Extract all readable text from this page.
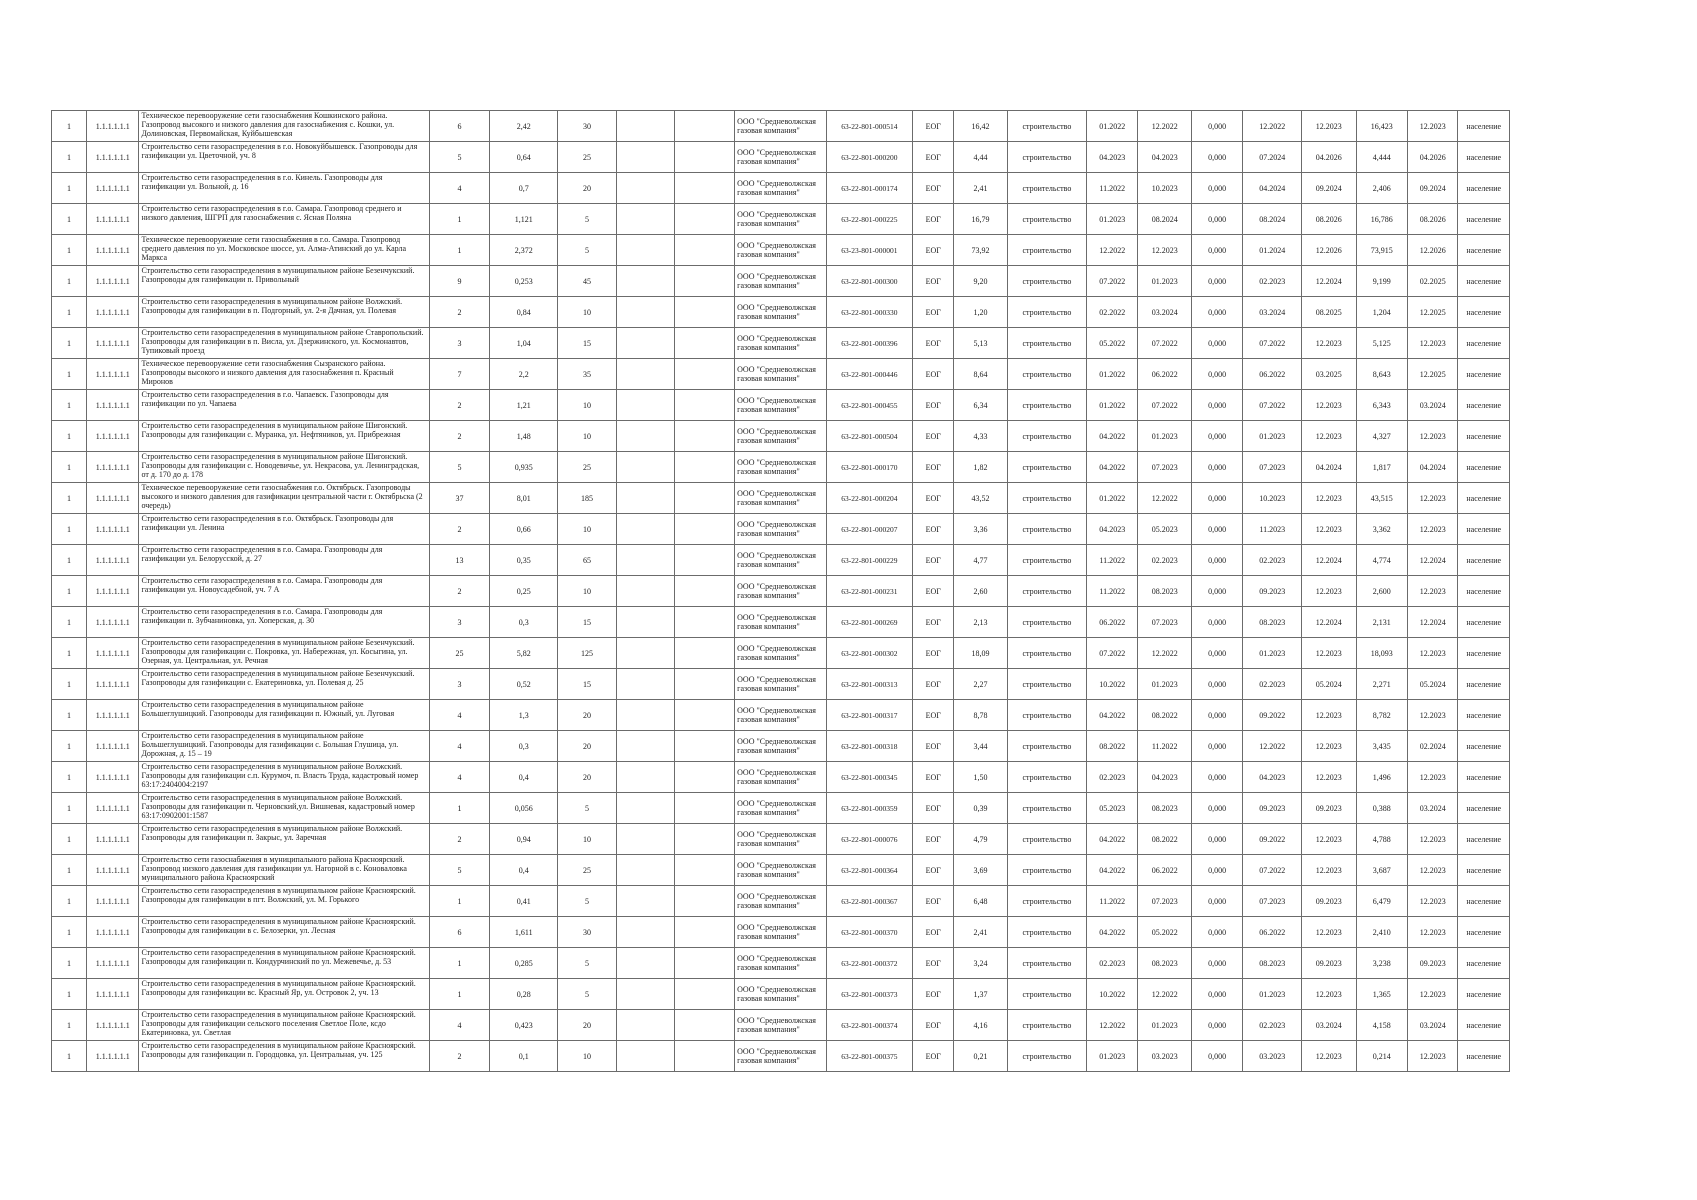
1	1.1.1.1.1.1	Техническое перевооружение сети газоснабжения Кошкинского района. Газопровод высокого и низкого давления для газоснабжения с. Кошки, ул. Долиновская, Первомайская, Куйбышевская	6	2,42	30			ООО "Средневолжская газовая компания"	63-22-801-000514	ЕОГ	16,42	строительство	01.2022	12.2022	0,000	12.2022	12.2023	16,423	12.2023	население
1	1.1.1.1.1.1	Строительство сети газораспределения в г.о. Новокуйбышевск. Газопроводы для газификации ул. Цветочной, уч. 8	5	0,64	25			ООО "Средневолжская газовая компания"	63-22-801-000200	ЕОГ	4,44	строительство	04.2023	04.2023	0,000	07.2024	04.2026	4,444	04.2026	население
1	1.1.1.1.1.1	Строительство сети газораспределения в г.о. Кинель. Газопроводы для газификации ул. Вольной, д. 16	4	0,7	20			ООО "Средневолжская газовая компания"	63-22-801-000174	ЕОГ	2,41	строительство	11.2022	10.2023	0,000	04.2024	09.2024	2,406	09.2024	население
1	1.1.1.1.1.1	Строительство сети газораспределения в г.о. Самара. Газопровод среднего и низкого давления, ШГРП для газоснабжения с. Ясная Поляна	1	1,121	5			ООО "Средневолжская газовая компания"	63-22-801-000225	ЕОГ	16,79	строительство	01.2023	08.2024	0,000	08.2024	08.2026	16,786	08.2026	население
1	1.1.1.1.1.1	Техническое перевооружение сети газоснабжения в г.о. Самара. Газопровод среднего давления по ул. Московское шоссе, ул. Алма-Атинский до ул. Карла Маркса	1	2,372	5			ООО "Средневолжская газовая компания"	63-23-801-000001	ЕОГ	73,92	строительство	12.2022	12.2023	0,000	01.2024	12.2026	73,915	12.2026	население
1	1.1.1.1.1.1	Строительство сети газораспределения в муниципальном районе Безенчукский. Газопроводы для газификации п. Привольный	9	0,253	45			ООО "Средневолжская газовая компания"	63-22-801-000300	ЕОГ	9,20	строительство	07.2022	01.2023	0,000	02.2023	12.2024	9,199	02.2025	население
1	1.1.1.1.1.1	Строительство сети газораспределения в муниципальном районе Волжский. Газопроводы для газификации в п. Подгорный, ул. 2-я Дачная, ул. Полевая	2	0,84	10			ООО "Средневолжская газовая компания"	63-22-801-000330	ЕОГ	1,20	строительство	02.2022	03.2024	0,000	03.2024	08.2025	1,204	12.2025	население
1	1.1.1.1.1.1	Строительство сети газораспределения в муниципальном районе Ставропольский. Газопроводы для газификации в п. Висла, ул. Дзержинского, ул. Космонавтов, Тупиковый проезд	3	1,04	15			ООО "Средневолжская газовая компания"	63-22-801-000396	ЕОГ	5,13	строительство	05.2022	07.2022	0,000	07.2022	12.2023	5,125	12.2023	население
1	1.1.1.1.1.1	Техническое перевооружение сети газоснабжения Сызранского района. Газопроводы высокого и низкого давления для газоснабжения п. Красный Миронов	7	2,2	35			ООО "Средневолжская газовая компания"	63-22-801-000446	ЕОГ	8,64	строительство	01.2022	06.2022	0,000	06.2022	03.2025	8,643	12.2025	население
1	1.1.1.1.1.1	Строительство сети газораспределения в г.о. Чапаевск. Газопроводы для газификации по ул. Чапаева	2	1,21	10			ООО "Средневолжская газовая компания"	63-22-801-000455	ЕОГ	6,34	строительство	01.2022	07.2022	0,000	07.2022	12.2023	6,343	03.2024	население
1	1.1.1.1.1.1	Строительство сети газораспределения в муниципальном районе Шигонский. Газопроводы для газификации с. Муранка, ул. Нефтяников, ул. Прибрежная	2	1,48	10			ООО "Средневолжская газовая компания"	63-22-801-000504	ЕОГ	4,33	строительство	04.2022	01.2023	0,000	01.2023	12.2023	4,327	12.2023	население
1	1.1.1.1.1.1	Строительство сети газораспределения в муниципальном районе Шигонский. Газопроводы для газификации с. Новодевичье, ул. Некрасова, ул. Ленинградская, от д. 170 до д. 178	5	0,935	25			ООО "Средневолжская газовая компания"	63-22-801-000170	ЕОГ	1,82	строительство	04.2022	07.2023	0,000	07.2023	04.2024	1,817	04.2024	население
1	1.1.1.1.1.1	Техническое перевооружение сети газоснабжения г.о. Октябрьск. Газопроводы высокого и низкого давления для газификации центральной части г. Октябрьска (2 очередь)	37	8,01	185			ООО "Средневолжская газовая компания"	63-22-801-000204	ЕОГ	43,52	строительство	01.2022	12.2022	0,000	10.2023	12.2023	43,515	12.2023	население
1	1.1.1.1.1.1	Строительство сети газораспределения в г.о. Октябрьск. Газопроводы для газификации ул. Ленина	2	0,66	10			ООО "Средневолжская газовая компания"	63-22-801-000207	ЕОГ	3,36	строительство	04.2023	05.2023	0,000	11.2023	12.2023	3,362	12.2023	население
1	1.1.1.1.1.1	Строительство сети газораспределения в г.о. Самара. Газопроводы для газификации ул. Белорусской, д. 27	13	0,35	65			ООО "Средневолжская газовая компания"	63-22-801-000229	ЕОГ	4,77	строительство	11.2022	02.2023	0,000	02.2023	12.2024	4,774	12.2024	население
1	1.1.1.1.1.1	Строительство сети газораспределения в г.о. Самара. Газопроводы для газификации ул. Новоусадебной, уч. 7 А	2	0,25	10			ООО "Средневолжская газовая компания"	63-22-801-000231	ЕОГ	2,60	строительство	11.2022	08.2023	0,000	09.2023	12.2023	2,600	12.2023	население
1	1.1.1.1.1.1	Строительство сети газораспределения в г.о. Самара. Газопроводы для газификации п. Зубчаниновка, ул. Хоперская, д. 30	3	0,3	15			ООО "Средневолжская газовая компания"	63-22-801-000269	ЕОГ	2,13	строительство	06.2022	07.2023	0,000	08.2023	12.2024	2,131	12.2024	население
1	1.1.1.1.1.1	Строительство сети газораспределения в муниципальном районе Безенчукский. Газопроводы для газификации с. Покровка, ул. Набережная, ул. Косыгина, ул. Озерная, ул. Центральная, ул. Речная	25	5,82	125			ООО "Средневолжская газовая компания"	63-22-801-000302	ЕОГ	18,09	строительство	07.2022	12.2022	0,000	01.2023	12.2023	18,093	12.2023	население
1	1.1.1.1.1.1	Строительство сети газораспределения в муниципальном районе Безенчукский. Газопроводы для газификации с. Екатериновка, ул. Полевая д. 25	3	0,52	15			ООО "Средневолжская газовая компания"	63-22-801-000313	ЕОГ	2,27	строительство	10.2022	01.2023	0,000	02.2023	05.2024	2,271	05.2024	население
1	1.1.1.1.1.1	Строительство сети газораспределения в муниципальном районе Большеглушицкий. Газопроводы для газификации п. Южный, ул. Луговая	4	1,3	20			ООО "Средневолжская газовая компания"	63-22-801-000317	ЕОГ	8,78	строительство	04.2022	08.2022	0,000	09.2022	12.2023	8,782	12.2023	население
1	1.1.1.1.1.1	Строительство сети газораспределения в муниципальном районе Большеглушицкий. Газопроводы для газификации с. Большая Глушица, ул. Дорожная, д. 15 – 19	4	0,3	20			ООО "Средневолжская газовая компания"	63-22-801-000318	ЕОГ	3,44	строительство	08.2022	11.2022	0,000	12.2022	12.2023	3,435	02.2024	население
1	1.1.1.1.1.1	Строительство сети газораспределения в муниципальном районе Волжский. Газопроводы для газификации с.п. Курумоч, п. Власть Труда, кадастровый номер 63:17:2404004:2197	4	0,4	20			ООО "Средневолжская газовая компания"	63-22-801-000345	ЕОГ	1,50	строительство	02.2023	04.2023	0,000	04.2023	12.2023	1,496	12.2023	население
1	1.1.1.1.1.1	Строительство сети газораспределения в муниципальном районе Волжский. Газопроводы для газификации п. Черновский,ул. Вишневая, кадастровый номер 63:17:0902001:1587	1	0,056	5			ООО "Средневолжская газовая компания"	63-22-801-000359	ЕОГ	0,39	строительство	05.2023	08.2023	0,000	09.2023	09.2023	0,388	03.2024	население
1	1.1.1.1.1.1	Строительство сети газораспределения в муниципальном районе Волжский. Газопроводы для газификации п. Закрыс, ул. Заречная	2	0,94	10			ООО "Средневолжская газовая компания"	63-22-801-000076	ЕОГ	4,79	строительство	04.2022	08.2022	0,000	09.2022	12.2023	4,788	12.2023	население
1	1.1.1.1.1.1	Строительство сети газоснабжения в муниципального района Красноярский. Газопровод низкого давления для газификации ул. Нагорной в с. Коноваловка муниципального района Красноярский	5	0,4	25			ООО "Средневолжская газовая компания"	63-22-801-000364	ЕОГ	3,69	строительство	04.2022	06.2022	0,000	07.2022	12.2023	3,687	12.2023	население
1	1.1.1.1.1.1	Строительство сети газораспределения в муниципальном районе Красноярский. Газопроводы для газификации в пгт. Волжский, ул. М. Горького	1	0,41	5			ООО "Средневолжская газовая компания"	63-22-801-000367	ЕОГ	6,48	строительство	11.2022	07.2023	0,000	07.2023	09.2023	6,479	12.2023	население
1	1.1.1.1.1.1	Строительство сети газораспределения в муниципальном районе Красноярский. Газопроводы для газификации в с. Белозерки, ул. Лесная	6	1,611	30			ООО "Средневолжская газовая компания"	63-22-801-000370	ЕОГ	2,41	строительство	04.2022	05.2022	0,000	06.2022	12.2023	2,410	12.2023	население
1	1.1.1.1.1.1	Строительство сети газораспределения в муниципальном районе Красноярский. Газопроводы для газификации п. Кондурчинский по ул. Межевечье, д. 53	1	0,285	5			ООО "Средневолжская газовая компания"	63-22-801-000372	ЕОГ	3,24	строительство	02.2023	08.2023	0,000	08.2023	09.2023	3,238	09.2023	население
1	1.1.1.1.1.1	Строительство сети газораспределения в муниципальном районе Красноярский. Газопроводы для газификации вс. Красный Яр, ул. Островок 2, уч. 13	1	0,28	5			ООО "Средневолжская газовая компания"	63-22-801-000373	ЕОГ	1,37	строительство	10.2022	12.2022	0,000	01.2023	12.2023	1,365	12.2023	население
1	1.1.1.1.1.1	Строительство сети газораспределения в муниципальном районе Красноярский. Газопроводы для газификации сельского поселения Светлое Поле, ксдо Екатериновка, ул. Светлая	4	0,423	20			ООО "Средневолжская газовая компания"	63-22-801-000374	ЕОГ	4,16	строительство	12.2022	01.2023	0,000	02.2023	03.2024	4,158	03.2024	население
1	1.1.1.1.1.1	Строительство сети газораспределения в муниципальном районе Красноярский. Газопроводы для газификации п. Городцовка, ул. Центральная, уч. 125	2	0,1	10			ООО "Средневолжская газовая компания"	63-22-801-000375	ЕОГ	0,21	строительство	01.2023	03.2023	0,000	03.2023	12.2023	0,214	12.2023	население
